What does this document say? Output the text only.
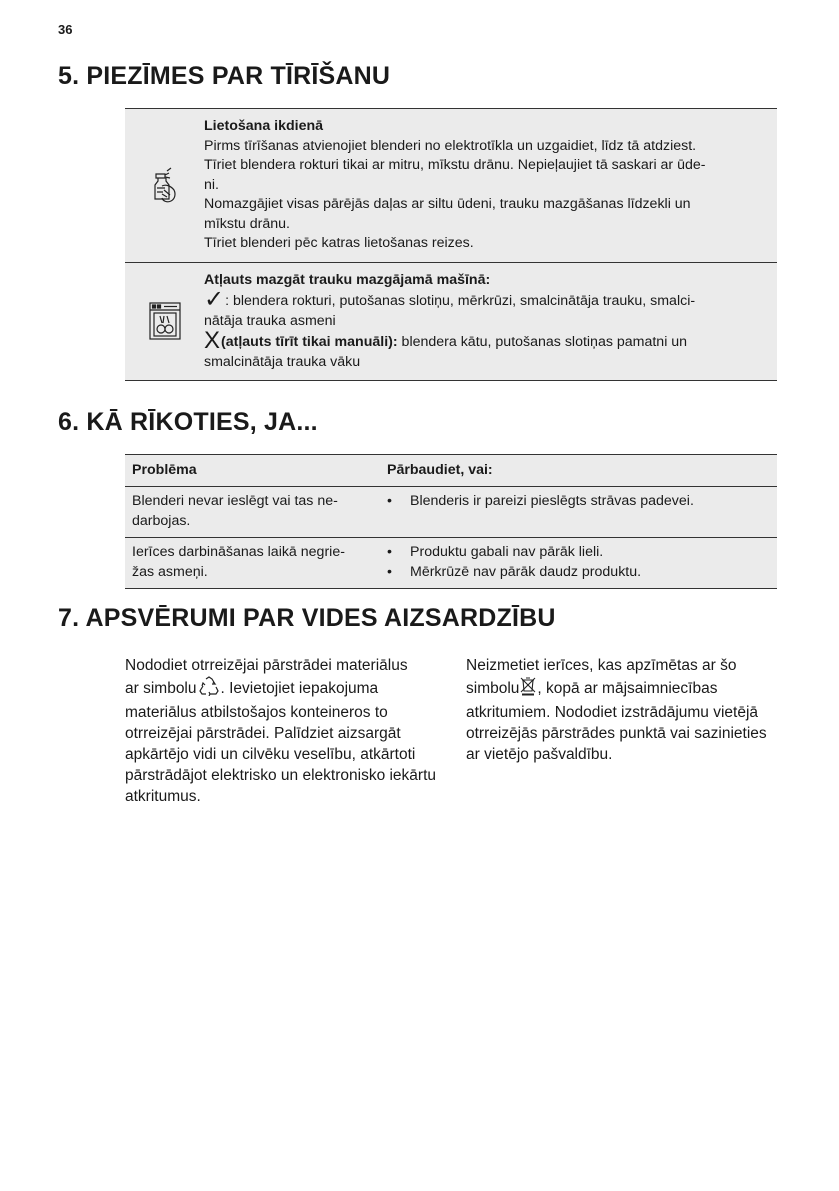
36
5. PIEZĪMES PAR TĪRĪŠANU
Lietošana ikdienā
Pirms tīrīšanas atvienojiet blenderi no elektrotīkla un uzgaidiet, līdz tā atdziest.
Tīriet blendera rokturi tikai ar mitru, mīkstu drānu. Nepieļaujiet tā saskari ar ūde-
ni.
Nomazgājiet visas pārējās daļas ar siltu ūdeni, trauku mazgāšanas līdzekli un
mīkstu drānu.
Tīriet blenderi pēc katras lietošanas reizes.
Atļauts mazgāt trauku mazgājamā mašīnā:
✓: blendera rokturi, putošanas slotiņu, mērkrūzi, smalcinātāja trauku, smalci-
nātāja trauka asmeni
X(atļauts tīrīt tikai manuāli): blendera kātu, putošanas slotiņas pamatni un
smalcinātāja trauka vāku
6. KĀ RĪKOTIES, JA...
Problēma	Pārbaudiet, vai:
Blenderi nevar ieslēgt vai tas ne-
darbojas.
•	Blenderis ir pareizi pieslēgts strāvas padevei.
Ierīces darbināšanas laikā negrie-
žas asmeņi.
•	Produktu gabali nav pārāk lieli.
•	Mērkrūzē nav pārāk daudz produktu.
7. APSVĒRUMI PAR VIDES AIZSARDZĪBU
Nododiet otrreizējai pārstrādei materiālus
ar simbolu . Ievietojiet iepakojuma materiālus atbilstošajos konteineros to otrreizējai pārstrādei. Palīdziet aizsargāt apkārtējo vidi un cilvēku veselību, atkārtoti pārstrādājot elektrisko un elektronisko iekārtu atkritumus.
Neizmetiet ierīces, kas apzīmētas ar šo
simbolu , kopā ar mājsaimniecības atkritumiem. Nododiet izstrādājumu vietējā otrreizējās pārstrādes punktā vai sazinieties ar vietējo pašvaldību.
